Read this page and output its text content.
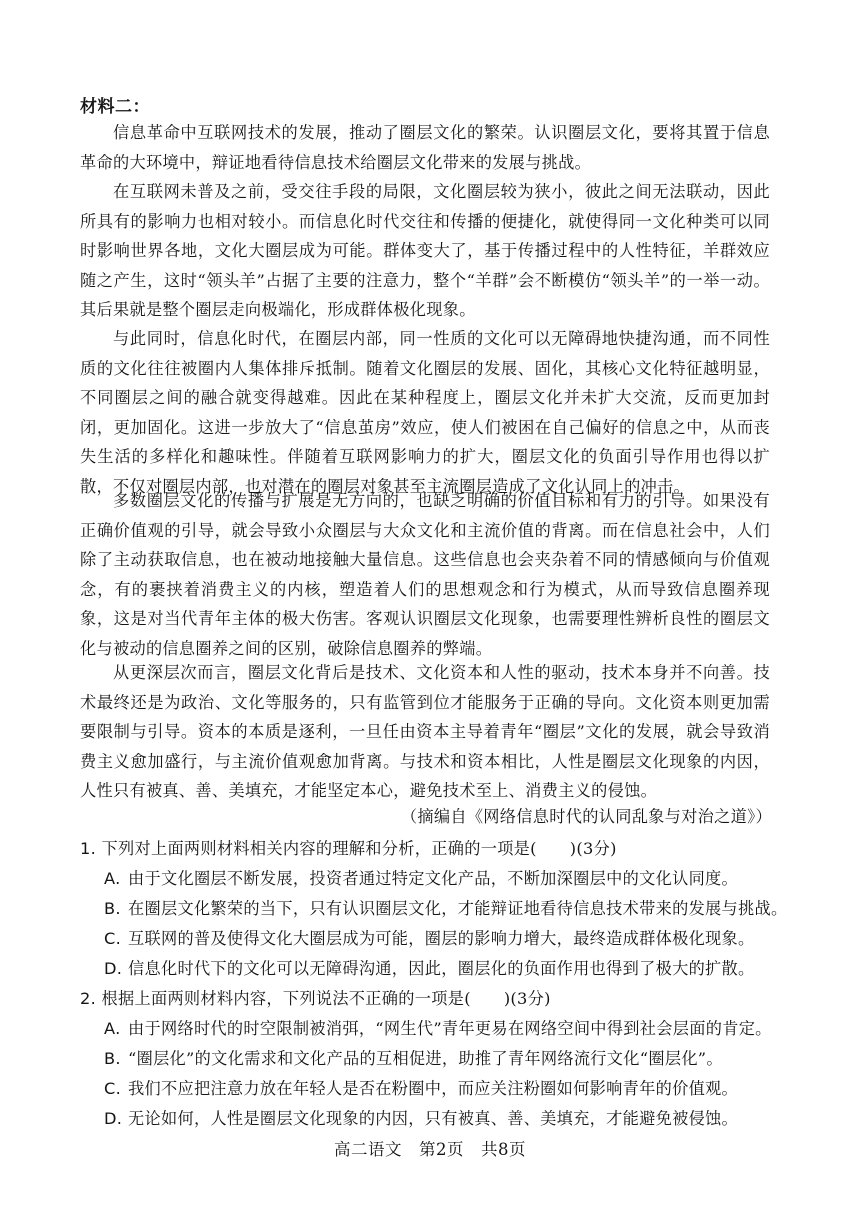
材料二：

信息革命中互联网技术的发展，推动了圈层文化的繁荣。认识圈层文化，要将其置于信息革命的大环境中，辩证地看待信息技术给圈层文化带来的发展与挑战。

在互联网未普及之前，受交往手段的局限，文化圈层较为狭小，彼此之间无法联动，因此所具有的影响力也相对较小。而信息化时代交往和传播的便捷化，就使得同一文化种类可以同时影响世界各地，文化大圈层成为可能。群体变大了，基于传播过程中的人性特征，羊群效应随之产生，这时“领头羊”占据了主要的注意力，整个“羊群”会不断模仿“领头羊”的一举一动。其后果就是整个圈层走向极端化，形成群体极化现象。

与此同时，信息化时代，在圈层内部，同一性质的文化可以无障碍地快捷沟通，而不同性质的文化往往被圈内人集体排斥抵制。随着文化圈层的发展、固化，其核心文化特征越明显，不同圈层之间的融合就变得越难。因此在某种程度上，圈层文化并未扩大交流，反而更加封闭，更加固化。这进一步放大了“信息茧房”效应，使人们被困在自己偏好的信息之中，从而丧失生活的多样化和趣味性。伴随着互联网影响力的扩大，圈层文化的负面引导作用也得以扩散，不仅对圈层内部，也对潜在的圈层对象甚至主流圈层造成了文化认同上的冲击。

多数圈层文化的传播与扩展是无方向的，也缺乏明确的价值目标和有力的引导。如果没有正确价值观的引导，就会导致小众圈层与大众文化和主流价值的背离。而在信息社会中，人们除了主动获取信息，也在被动地接触大量信息。这些信息也会夹杂着不同的情感倾向与价值观念，有的裹挟着消费主义的内核，塑造着人们的思想观念和行为模式，从而导致信息圈养现象，这是对当代青年主体的极大伤害。客观认识圈层文化现象，也需要理性辨析良性的圈层文化与被动的信息圈养之间的区别，破除信息圈养的弊端。

从更深层次而言，圈层文化背后是技术、文化资本和人性的驱动，技术本身并不向善。技术最终还是为政治、文化等服务的，只有监管到位才能服务于正确的导向。文化资本则更加需要限制与引导。资本的本质是逐利，一旦任由资本主导着青年“圈层”文化的发展，就会导致消费主义愈加盛行，与主流价值观愈加背离。与技术和资本相比，人性是圈层文化现象的内因，人性只有被真、善、美填充，才能坚定本心，避免技术至上、消费主义的侵蚀。

（摘编自《网络信息时代的认同乱象与对治之道》）
1. 下列对上面两则材料相关内容的理解和分析，正确的一项是(　　)(3分)
A. 由于文化圈层不断发展，投资者通过特定文化产品，不断加深圈层中的文化认同度。
B. 在圈层文化繁荣的当下，只有认识圈层文化，才能辩证地看待信息技术带来的发展与挑战。
C. 互联网的普及使得文化大圈层成为可能，圈层的影响力增大，最终造成群体极化现象。
D. 信息化时代下的文化可以无障碍沟通，因此，圈层化的负面作用也得到了极大的扩散。
2. 根据上面两则材料内容，下列说法不正确的一项是(　　)(3分)
A. 由于网络时代的时空限制被消弭，“网生代”青年更易在网络空间中得到社会层面的肯定。
B. “圈层化”的文化需求和文化产品的互相促进，助推了青年网络流行文化“圈层化”。
C. 我们不应把注意力放在年轻人是否在粉圈中，而应关注粉圈如何影响青年的价值观。
D. 无论如何，人性是圈层文化现象的内因，只有被真、善、美填充，才能避免被侵蚀。
高二语文　第2页　共8页
